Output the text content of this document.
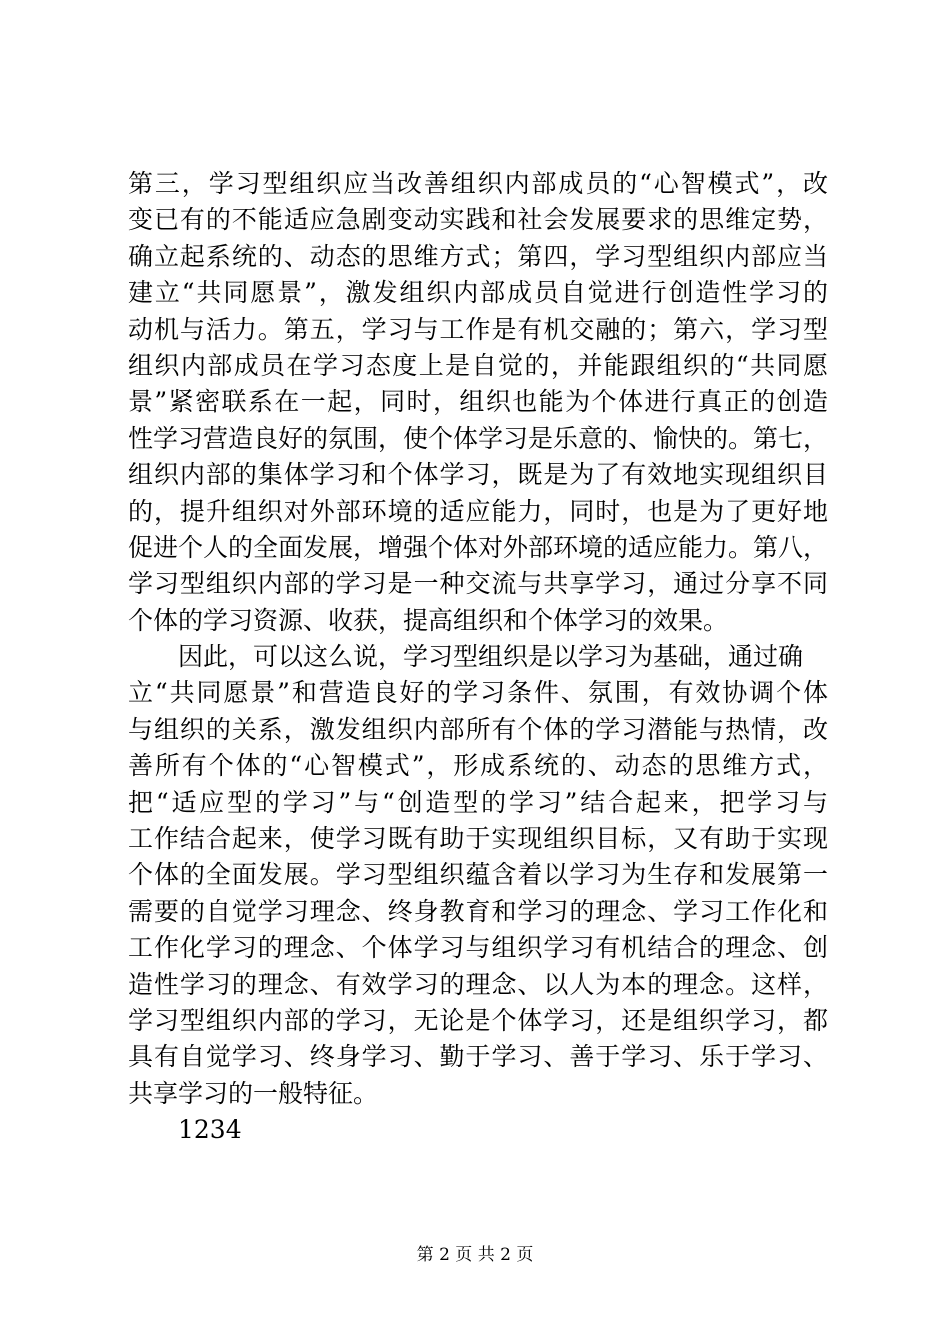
第三，学习型组织应当改善组织内部成员的“心智模式”，改
变已有的不能适应急剧变动实践和社会发展要求的思维定势，
确立起系统的、动态的思维方式；第四，学习型组织内部应当
建立“共同愿景”，激发组织内部成员自觉进行创造性学习的
动机与活力。第五，学习与工作是有机交融的；第六，学习型
组织内部成员在学习态度上是自觉的，并能跟组织的“共同愿
景”紧密联系在一起，同时，组织也能为个体进行真正的创造
性学习营造良好的氛围，使个体学习是乐意的、愉快的。第七，
组织内部的集体学习和个体学习，既是为了有效地实现组织目
的，提升组织对外部环境的适应能力，同时，也是为了更好地
促进个人的全面发展，增强个体对外部环境的适应能力。第八，
学习型组织内部的学习是一种交流与共享学习，通过分享不同
个体的学习资源、收获，提高组织和个体学习的效果。
因此，可以这么说，学习型组织是以学习为基础，通过确
立“共同愿景”和营造良好的学习条件、氛围，有效协调个体
与组织的关系，激发组织内部所有个体的学习潜能与热情，改
善所有个体的“心智模式”，形成系统的、动态的思维方式，
把“适应型的学习”与“创造型的学习”结合起来，把学习与
工作结合起来，使学习既有助于实现组织目标，又有助于实现
个体的全面发展。学习型组织蕴含着以学习为生存和发展第一
需要的自觉学习理念、终身教育和学习的理念、学习工作化和
工作化学习的理念、个体学习与组织学习有机结合的理念、创
造性学习的理念、有效学习的理念、以人为本的理念。这样，
学习型组织内部的学习，无论是个体学习，还是组织学习，都
具有自觉学习、终身学习、勤于学习、善于学习、乐于学习、
共享学习的一般特征。
1234
第 2 页 共 2 页
